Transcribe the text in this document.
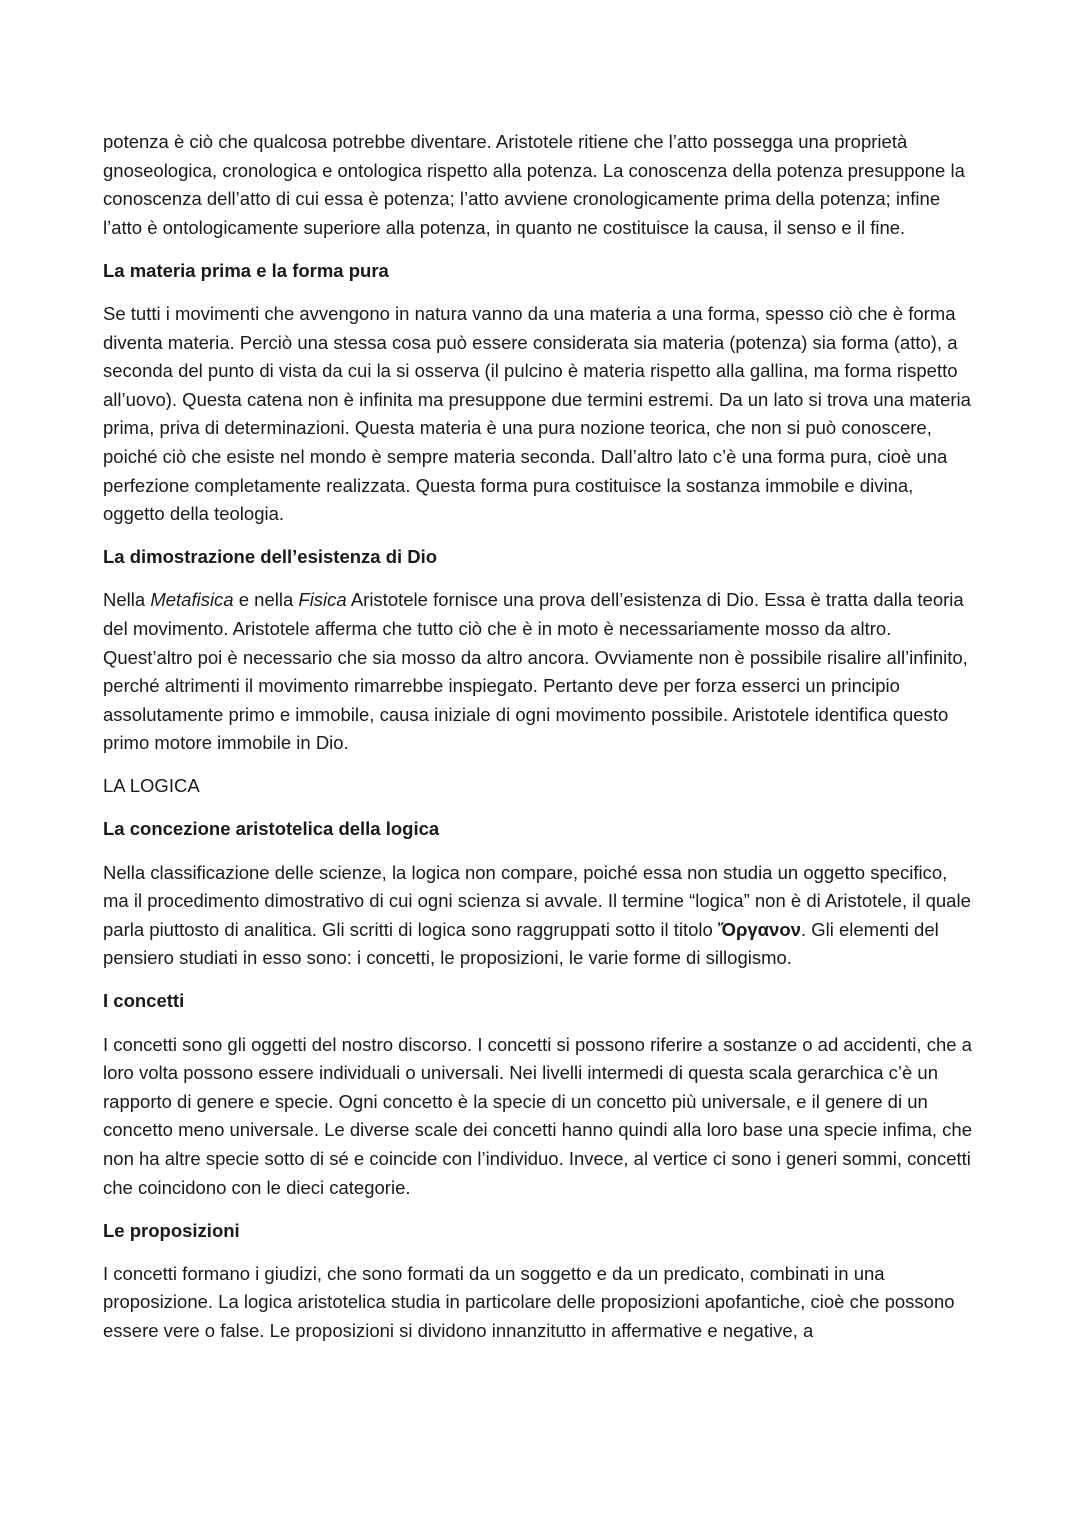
potenza è ciò che qualcosa potrebbe diventare. Aristotele ritiene che l’atto possegga una proprietà gnoseologica, cronologica e ontologica rispetto alla potenza. La conoscenza della potenza presuppone la conoscenza dell’atto di cui essa è potenza; l’atto avviene cronologicamente prima della potenza; infine l’atto è ontologicamente superiore alla potenza, in quanto ne costituisce la causa, il senso e il fine.

La materia prima e la forma pura

Se tutti i movimenti che avvengono in natura vanno da una materia a una forma, spesso ciò che è forma diventa materia. Perciò una stessa cosa può essere considerata sia materia (potenza) sia forma (atto), a seconda del punto di vista da cui la si osserva (il pulcino è materia rispetto alla gallina, ma forma rispetto all’uovo). Questa catena non è infinita ma presuppone due termini estremi. Da un lato si trova una materia prima, priva di determinazioni. Questa materia è una pura nozione teorica, che non si può conoscere, poiché ciò che esiste nel mondo è sempre materia seconda. Dall’altro lato c’è una forma pura, cioè una perfezione completamente realizzata. Questa forma pura costituisce la sostanza immobile e divina, oggetto della teologia.

La dimostrazione dell’esistenza di Dio

Nella Metafisica e nella Fisica Aristotele fornisce una prova dell’esistenza di Dio. Essa è tratta dalla teoria del movimento. Aristotele afferma che tutto ciò che è in moto è necessariamente mosso da altro. Quest’altro poi è necessario che sia mosso da altro ancora. Ovviamente non è possibile risalire all’infinito, perché altrimenti il movimento rimarrebbe inspiegato. Pertanto deve per forza esserci un principio assolutamente primo e immobile, causa iniziale di ogni movimento possibile. Aristotele identifica questo primo motore immobile in Dio.

LA LOGICA

La concezione aristotelica della logica

Nella classificazione delle scienze, la logica non compare, poiché essa non studia un oggetto specifico, ma il procedimento dimostrativo di cui ogni scienza si avvale. Il termine “logica” non è di Aristotele, il quale parla piuttosto di analitica. Gli scritti di logica sono raggruppati sotto il titolo Ὄργανον. Gli elementi del pensiero studiati in esso sono: i concetti, le proposizioni, le varie forme di sillogismo.

I concetti

I concetti sono gli oggetti del nostro discorso. I concetti si possono riferire a sostanze o ad accidenti, che a loro volta possono essere individuali o universali. Nei livelli intermedi di questa scala gerarchica c’è un rapporto di genere e specie. Ogni concetto è la specie di un concetto più universale, e il genere di un concetto meno universale. Le diverse scale dei concetti hanno quindi alla loro base una specie infima, che non ha altre specie sotto di sé e coincide con l’individuo. Invece, al vertice ci sono i generi sommi, concetti che coincidono con le dieci categorie.

Le proposizioni

I concetti formano i giudizi, che sono formati da un soggetto e da un predicato, combinati in una proposizione. La logica aristotelica studia in particolare delle proposizioni apofantiche, cioè che possono essere vere o false. Le proposizioni si dividono innanzitutto in affermative e negative, a
